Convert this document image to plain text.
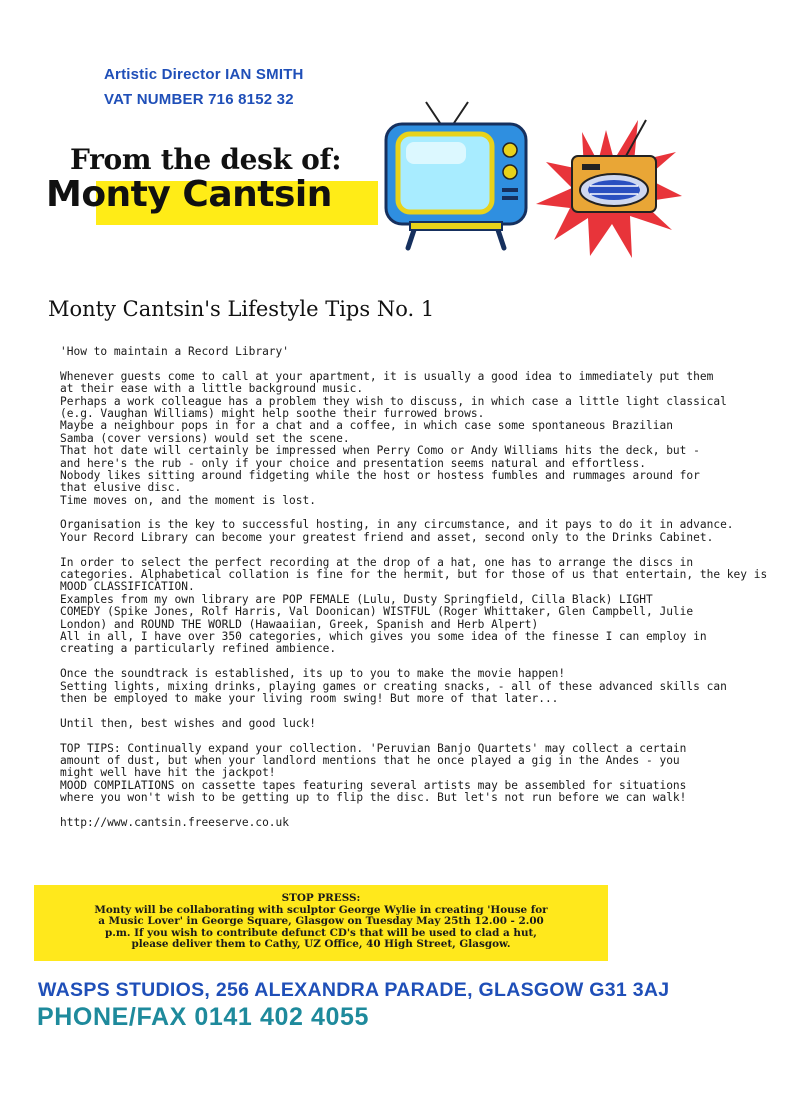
Artistic Director IAN SMITH
VAT NUMBER 716 8152 32
From the desk of:
Monty Cantsin
Monty Cantsin's Lifestyle Tips No. 1
'How to maintain a Record Library'
Whenever guests come to call at your apartment, it is usually a good idea to immediately put them
at their ease with a little background music.
Perhaps a work colleague has a problem they wish to discuss, in which case a little light classical
(e.g. Vaughan Williams) might help soothe their furrowed brows.
Maybe a neighbour pops in for a chat and a coffee, in which case some spontaneous Brazilian
Samba (cover versions) would set the scene.
That hot date will certainly be impressed when Perry Como or Andy Williams hits the deck, but -
and here's the rub - only if your choice and presentation seems natural and effortless.
Nobody likes sitting around fidgeting while the host or hostess fumbles and rummages around for
that elusive disc.
Time moves on, and the moment is lost.
Organisation is the key to successful hosting, in any circumstance, and it pays to do it in advance.
Your Record Library can become your greatest friend and asset, second only to the Drinks Cabinet.
In order to select the perfect recording at the drop of a hat, one has to arrange the discs in
categories. Alphabetical collation is fine for the hermit, but for those of us that entertain, the key is
MOOD CLASSIFICATION.
Examples from my own library are POP FEMALE (Lulu, Dusty Springfield, Cilla Black) LIGHT
COMEDY (Spike Jones, Rolf Harris, Val Doonican) WISTFUL (Roger Whittaker, Glen Campbell, Julie
London) and ROUND THE WORLD (Hawaaiian, Greek, Spanish and Herb Alpert)
All in all, I have over 350 categories, which gives you some idea of the finesse I can employ in
creating a particularly refined ambience.
Once the soundtrack is established, its up to you to make the movie happen!
Setting lights, mixing drinks, playing games or creating snacks, - all of these advanced skills can
then be employed to make your living room swing! But more of that later...
Until then, best wishes and good luck!
TOP TIPS: Continually expand your collection. 'Peruvian Banjo Quartets' may collect a certain
amount of dust, but when your landlord mentions that he once played a gig in the Andes - you
might well have hit the jackpot!
MOOD COMPILATIONS on cassette tapes featuring several artists may be assembled for situations
where you won't wish to be getting up to flip the disc. But let's not run before we can walk!
http://www.cantsin.freeserve.co.uk
STOP PRESS:
Monty will be collaborating with sculptor George Wylie in creating 'House for
a Music Lover' in George Square, Glasgow on Tuesday May 25th 12.00 - 2.00
p.m. If you wish to contribute defunct CD's that will be used to clad a hut,
please deliver them to Cathy, UZ Office, 40 High Street, Glasgow.
WASPS STUDIOS, 256 ALEXANDRA PARADE, GLASGOW G31 3AJ
PHONE/FAX 0141 402 4055
